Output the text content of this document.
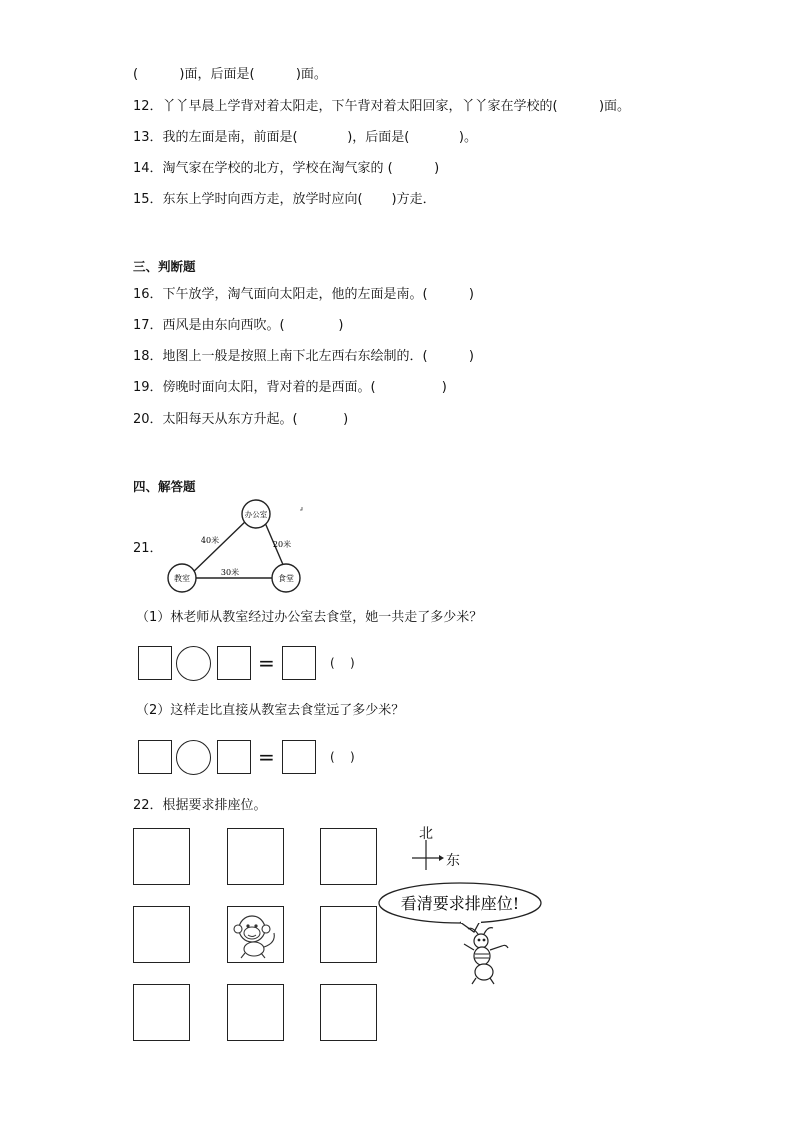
(          )面，后面是(          )面。
12．丫丫早晨上学背对着太阳走，下午背对着太阳回家，丫丫家在学校的(          )面。
13．我的左面是南，前面是(            )，后面是(            )。
14．淘气家在学校的北方，学校在淘气家的 (          )
15．东东上学时向西方走，放学时应向(       )方走．
三、判断题
16．下午放学，淘气面向太阳走，他的左面是南。(          )
17．西风是由东向西吹。(             )
18．地图上一般是按照上南下北左西右东绘制的．(          )
19．傍晚时面向太阳，背对着的是西面。(                )
20．太阳每天从东方升起。(           )
四、解答题
21．
办公室
教室	食堂
40米	20米
30米
（1）林老师从教室经过办公室去食堂，她一共走了多少米？
=	(    )
（2）这样走比直接从教室去食堂远了多少米？
=	(    )
22．根据要求排座位。
北
东
看清要求排座位!
